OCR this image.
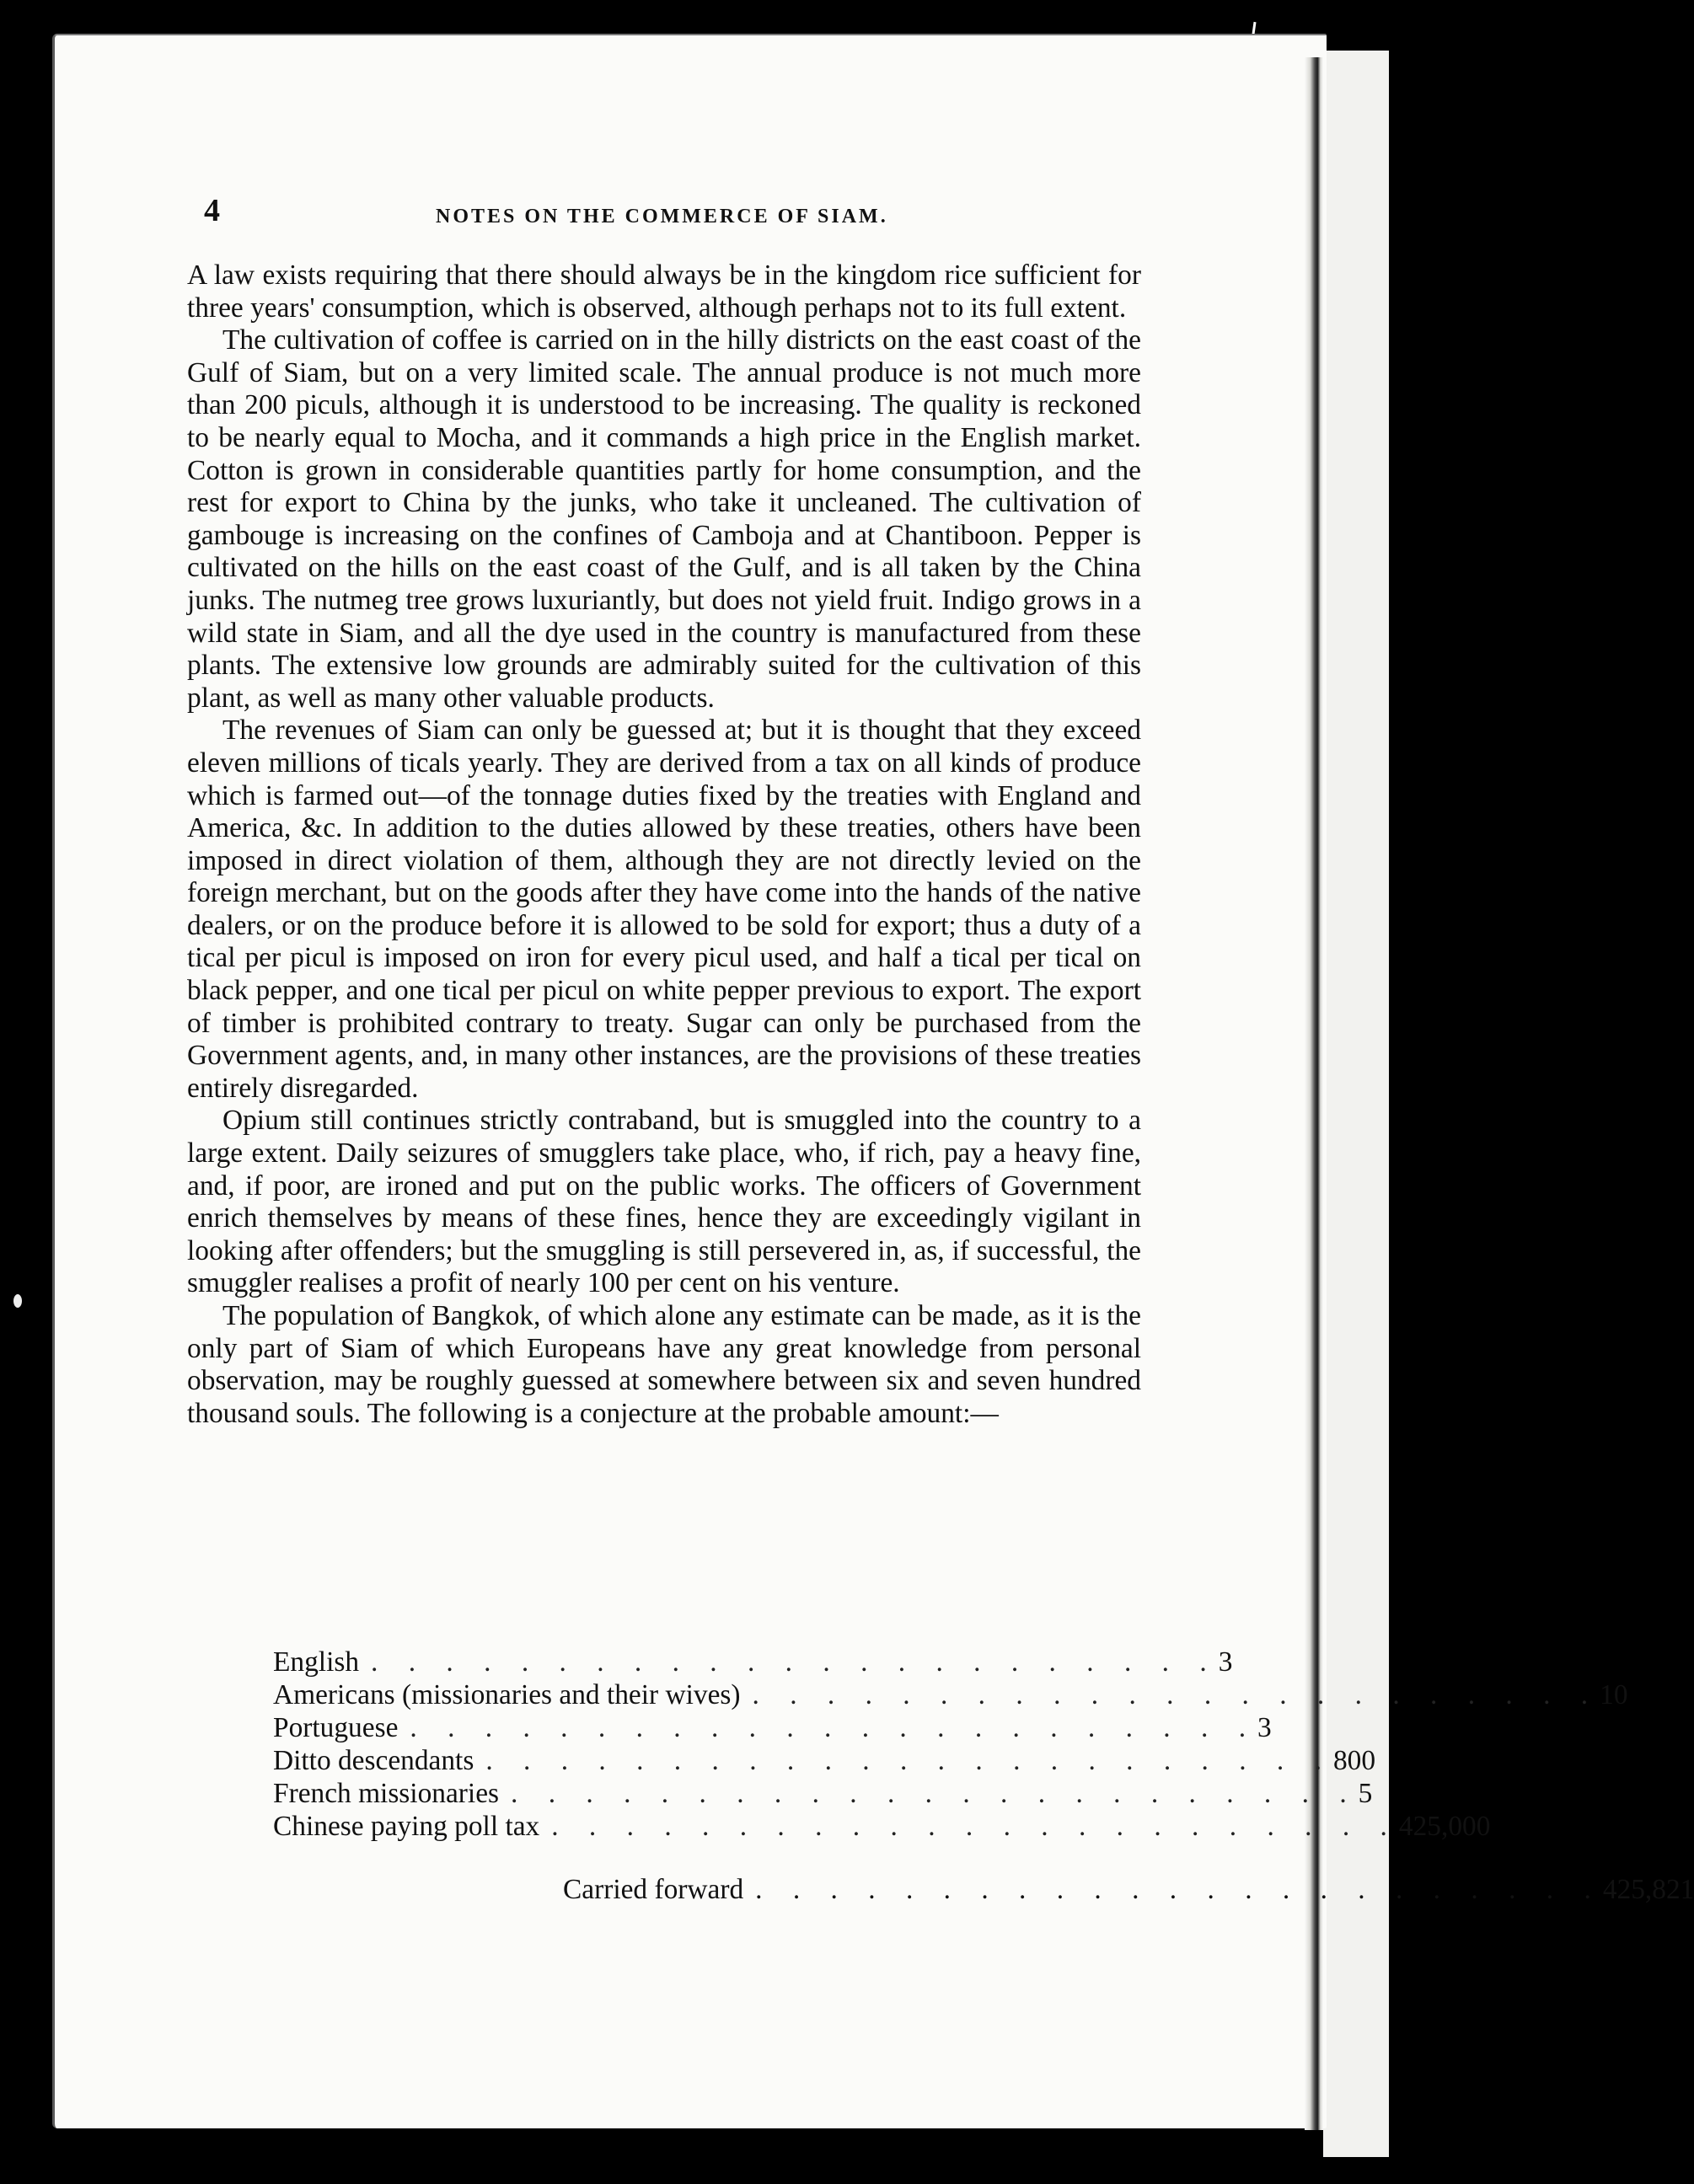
4	NOTES ON THE COMMERCE OF SIAM.

A law exists requiring that there should always be in the kingdom rice sufficient for three years' consumption, which is observed, although perhaps not to its full extent.

The cultivation of coffee is carried on in the hilly districts on the east coast of the Gulf of Siam, but on a very limited scale. The annual produce is not much more than 200 piculs, although it is understood to be increasing. The quality is reckoned to be nearly equal to Mocha, and it commands a high price in the English market. Cotton is grown in considerable quantities partly for home consumption, and the rest for export to China by the junks, who take it uncleaned. The cultivation of gambouge is increasing on the confines of Camboja and at Chantiboon. Pepper is cultivated on the hills on the east coast of the Gulf, and is all taken by the China junks. The nutmeg tree grows luxuriantly, but does not yield fruit. Indigo grows in a wild state in Siam, and all the dye used in the country is manufactured from these plants. The extensive low grounds are admirably suited for the cultivation of this plant, as well as many other valuable products.

The revenues of Siam can only be guessed at; but it is thought that they exceed eleven millions of ticals yearly. They are derived from a tax on all kinds of produce which is farmed out—of the tonnage duties fixed by the treaties with England and America, &c. In addition to the duties allowed by these treaties, others have been imposed in direct violation of them, although they are not directly levied on the foreign merchant, but on the goods after they have come into the hands of the native dealers, or on the produce before it is allowed to be sold for export; thus a duty of a tical per picul is imposed on iron for every picul used, and half a tical per tical on black pepper, and one tical per picul on white pepper previous to export. The export of timber is prohibited contrary to treaty. Sugar can only be purchased from the Government agents, and, in many other instances, are the provisions of these treaties entirely disregarded.

Opium still continues strictly contraband, but is smuggled into the country to a large extent. Daily seizures of smugglers take place, who, if rich, pay a heavy fine, and, if poor, are ironed and put on the public works. The officers of Government enrich themselves by means of these fines, hence they are exceedingly vigilant in looking after offenders; but the smuggling is still persevered in, as, if successful, the smuggler realises a profit of nearly 100 per cent on his venture.

The population of Bangkok, of which alone any estimate can be made, as it is the only part of Siam of which Europeans have any great knowledge from personal observation, may be roughly guessed at somewhere between six and seven hundred thousand souls. The following is a conjecture at the probable amount:—

English . . . . . . . . . . . . . . . . . . . . . . . 3
Americans (missionaries and their wives) . . . . . . . . . . . . . . . . . . . . . . . 10
Portuguese . . . . . . . . . . . . . . . . . . . . . . . 3
Ditto descendants . . . . . . . . . . . . . . . . . . . . . . . 800
French missionaries . . . . . . . . . . . . . . . . . . . . . . . 5
Chinese paying poll tax . . . . . . . . . . . . . . . . . . . . . . . 425,000
Carried forward . . . . . . . . . . . . . . . . . . . . . . . 425,821
